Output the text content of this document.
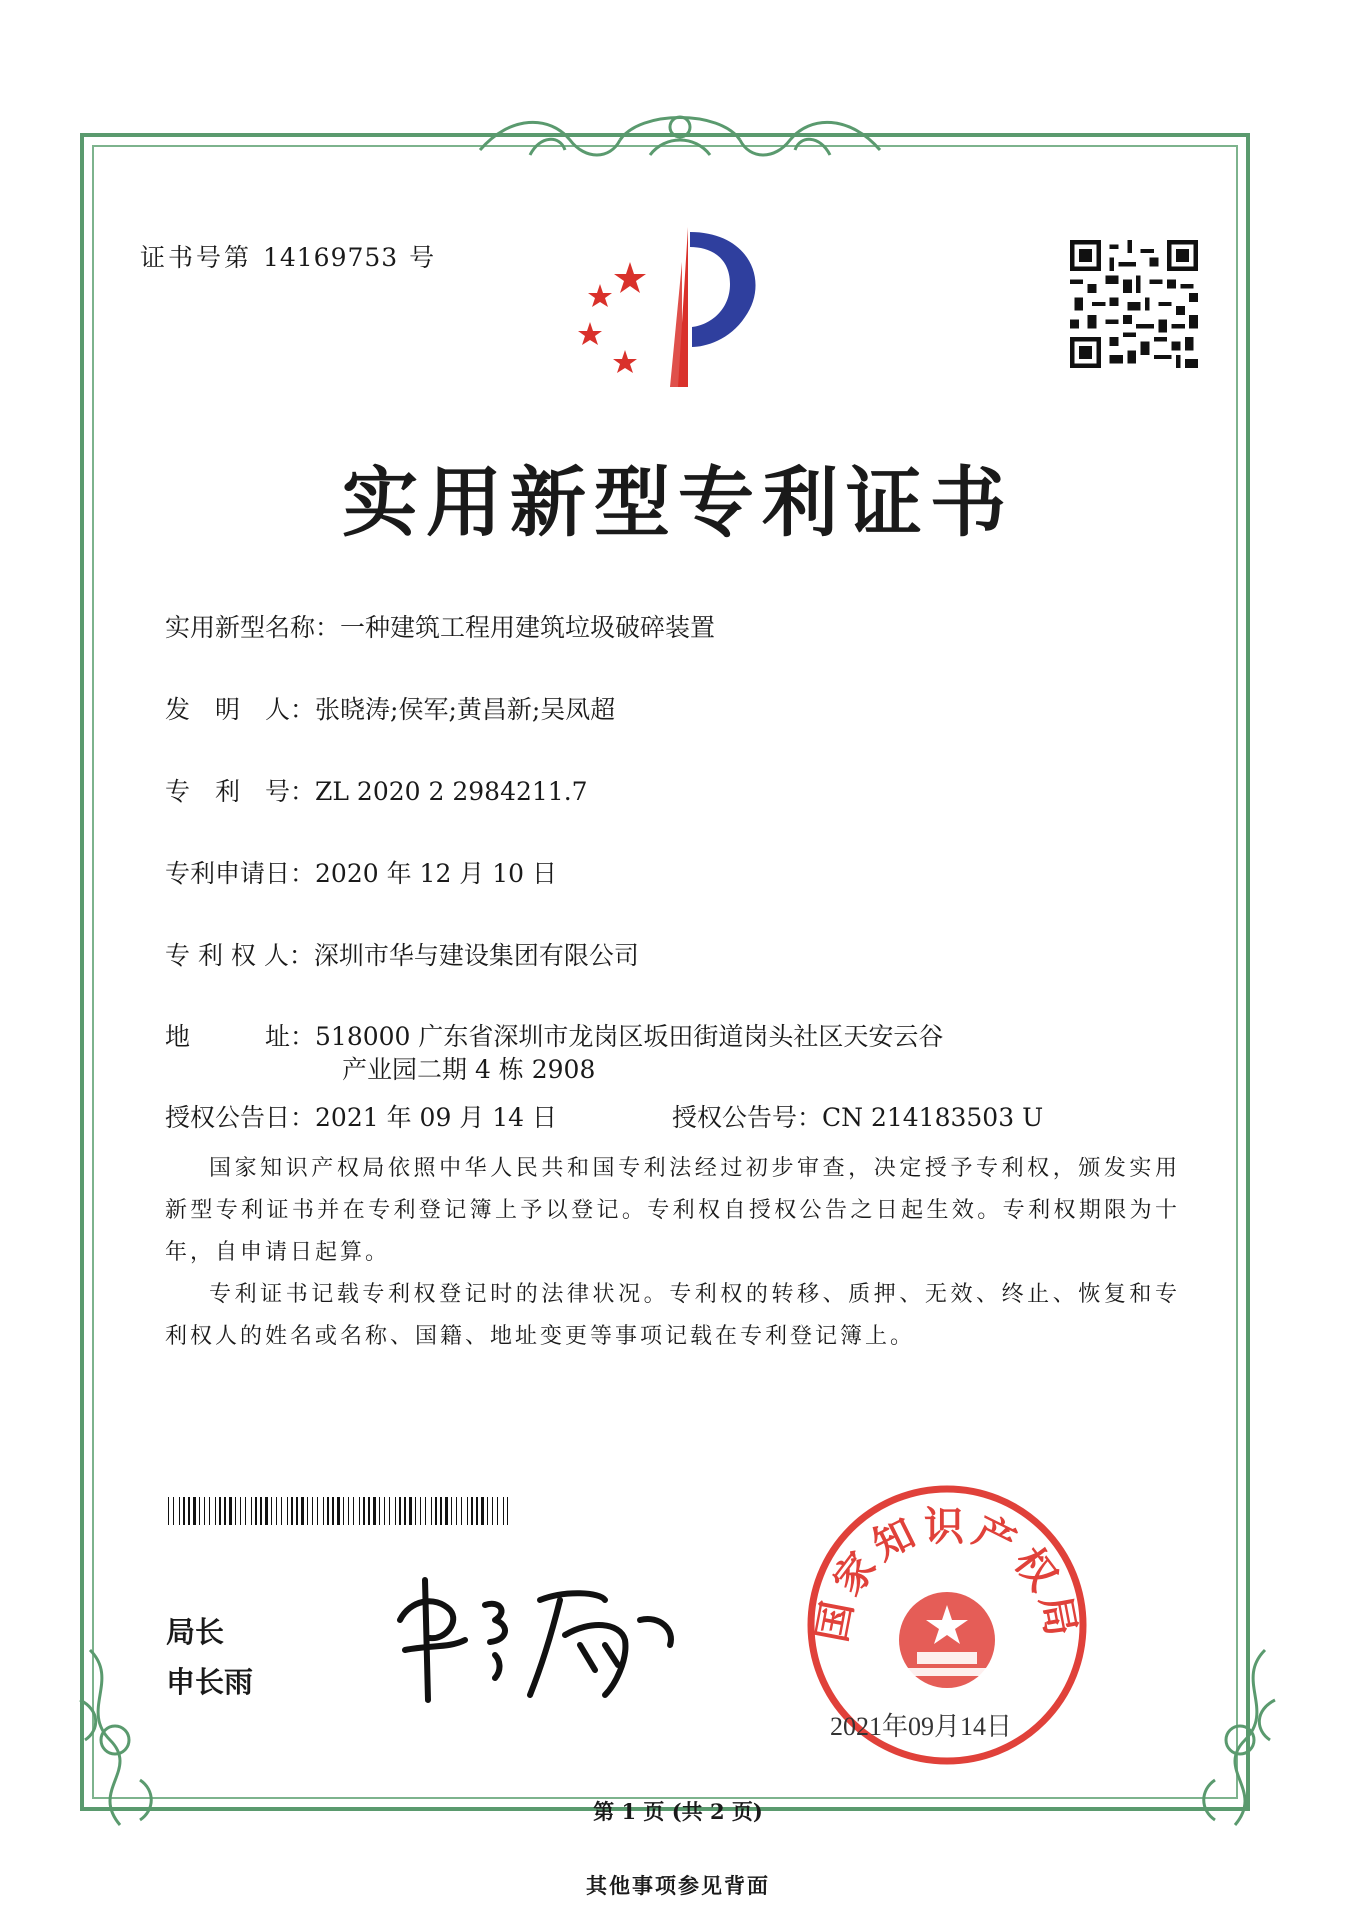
证书号第 14169753 号
实用新型专利证书
实用新型名称：一种建筑工程用建筑垃圾破碎装置
发　明　人：张晓涛;侯军;黄昌新;吴凤超
专　利　号：ZL 2020 2 2984211.7
专利申请日：2020 年 12 月 10 日
专 利 权 人：深圳市华与建设集团有限公司
地　　　址：518000 广东省深圳市龙岗区坂田街道岗头社区天安云谷
产业园二期 4 栋 2908
授权公告日：2021 年 09 月 14 日	授权公告号：CN 214183503 U

国家知识产权局依照中华人民共和国专利法经过初步审查，决定授予专利权，颁发实用新型专利证书并在专利登记簿上予以登记。专利权自授权公告之日起生效。专利权期限为十年，自申请日起算。

专利证书记载专利权登记时的法律状况。专利权的转移、质押、无效、终止、恢复和专利权人的姓名或名称、国籍、地址变更等事项记载在专利登记簿上。

局长
申长雨
国家知识产权局
2021年09月14日
第 1 页 (共 2 页)
其他事项参见背面
